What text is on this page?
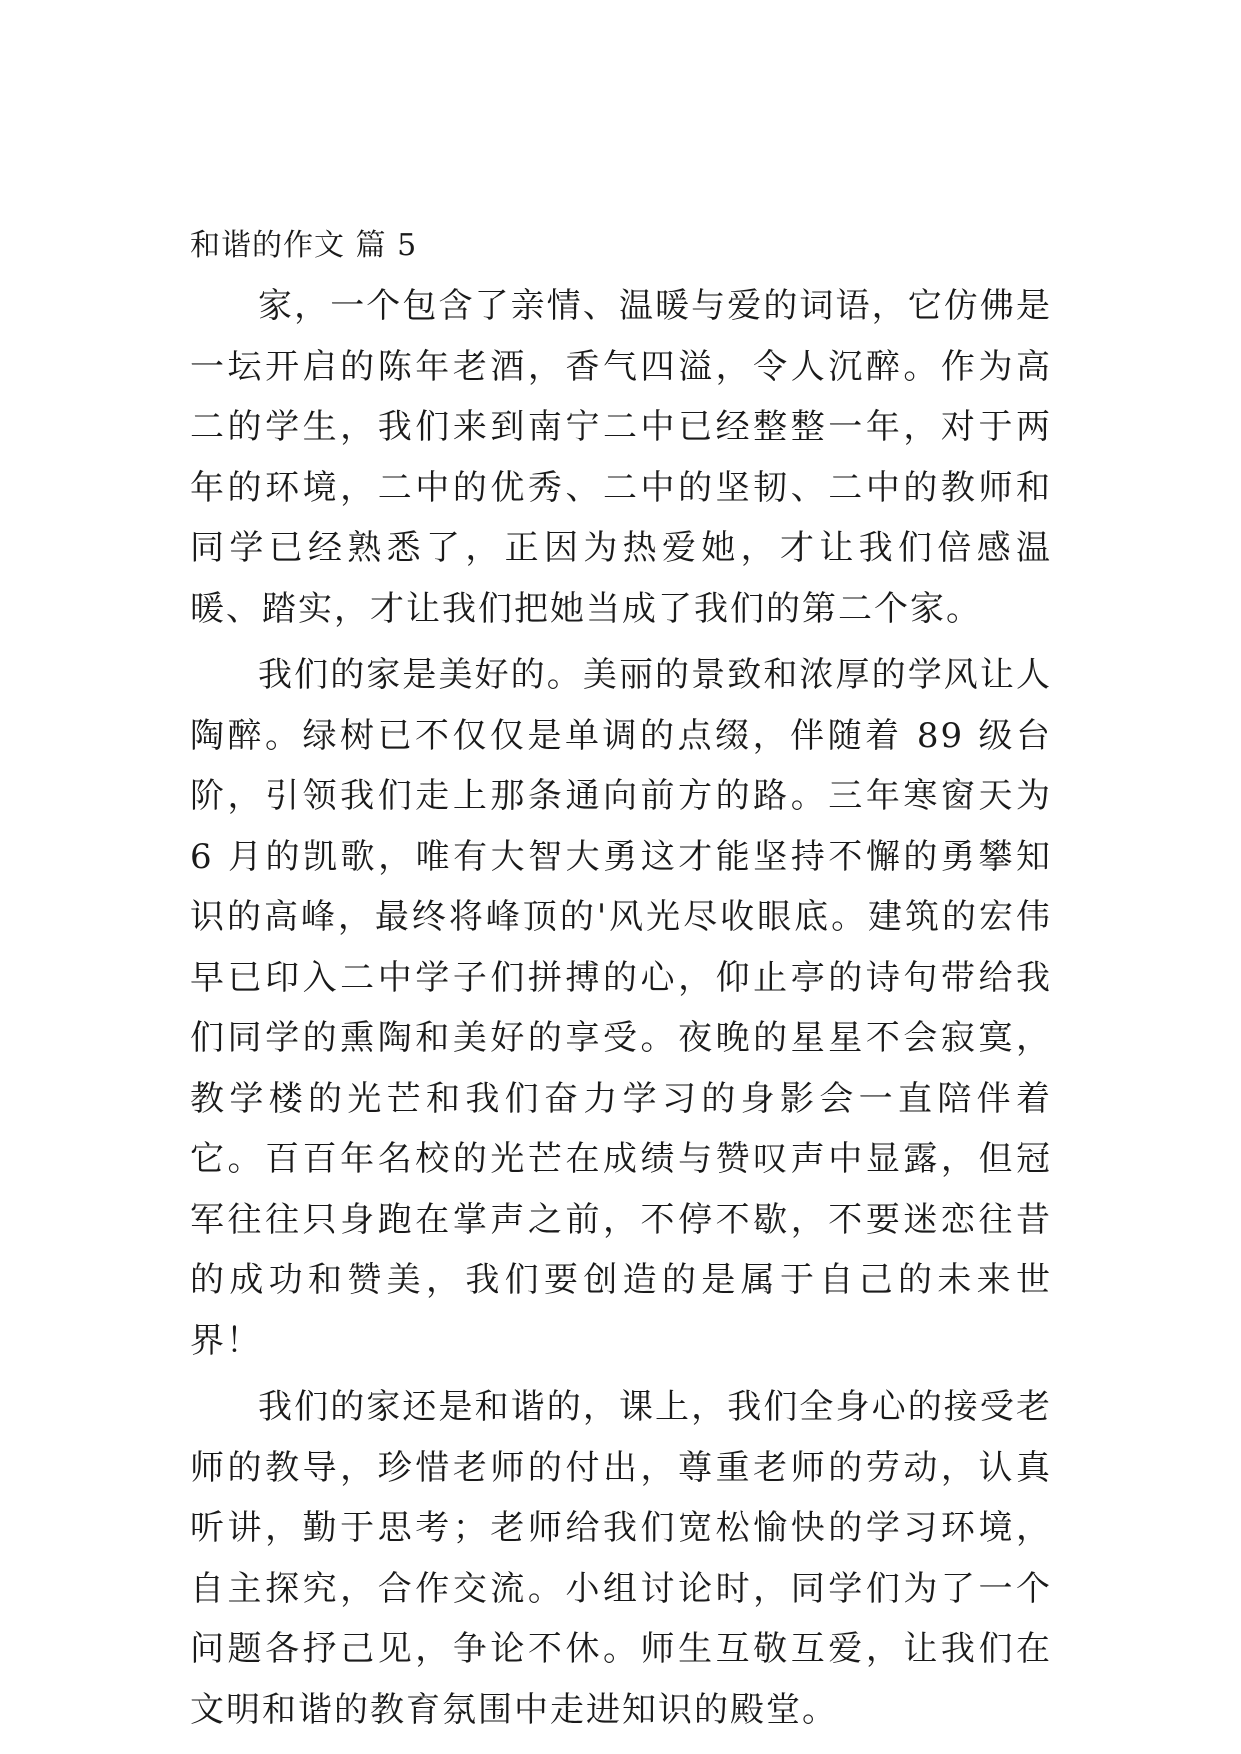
和谐的作文 篇 5

家，一个包含了亲情、温暖与爱的词语，它仿佛是一坛开启的陈年老酒，香气四溢，令人沉醉。作为高二的学生，我们来到南宁二中已经整整一年，对于两年的环境，二中的优秀、二中的坚韧、二中的教师和同学已经熟悉了，正因为热爱她，才让我们倍感温暖、踏实，才让我们把她当成了我们的第二个家。

我们的家是美好的。美丽的景致和浓厚的学风让人陶醉。绿树已不仅仅是单调的点缀，伴随着 89 级台阶，引领我们走上那条通向前方的路。三年寒窗天为 6 月的凯歌，唯有大智大勇这才能坚持不懈的勇攀知识的高峰，最终将峰顶的'风光尽收眼底。建筑的宏伟早已印入二中学子们拼搏的心，仰止亭的诗句带给我们同学的熏陶和美好的享受。夜晚的星星不会寂寞，教学楼的光芒和我们奋力学习的身影会一直陪伴着它。百百年名校的光芒在成绩与赞叹声中显露，但冠军往往只身跑在掌声之前，不停不歇，不要迷恋往昔的成功和赞美，我们要创造的是属于自己的未来世界！

我们的家还是和谐的，课上，我们全身心的接受老师的教导，珍惜老师的付出，尊重老师的劳动，认真听讲，勤于思考；老师给我们宽松愉快的学习环境，自主探究，合作交流。小组讨论时，同学们为了一个问题各抒己见，争论不休。师生互敬互爱，让我们在文明和谐的教育氛围中走进知识的殿堂。
